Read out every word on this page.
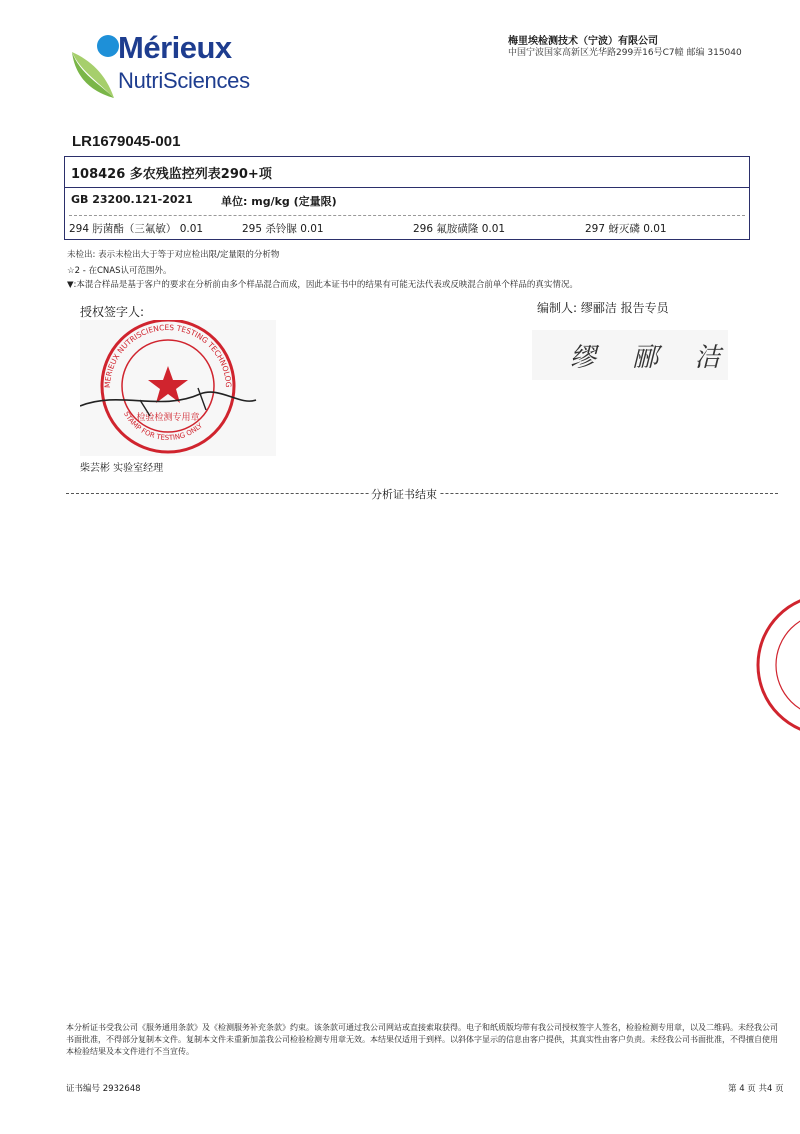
Mérieux
NutriSciences
梅里埃检测技术（宁波）有限公司
中国宁波国家高新区光华路299弄16号C7幢 邮编 315040
LR1679045-001
108426 多农残监控列表290+项
GB 23200.121-2021	单位: mg/kg (定量限)
294 肟菌酯（三氟敏） 0.01	295 杀铃脲 0.01	296 氟胺磺隆 0.01	297 蚜灭磷 0.01
未检出: 表示未检出大于等于对应检出限/定量限的分析物
☆2 - 在CNAS认可范围外。
▼:本混合样品是基于客户的要求在分析前由多个样品混合而成，因此本证书中的结果有可能无法代表或反映混合前单个样品的真实情况。
授权签字人:	编制人: 缪郦洁 报告专员
缪 郦 洁
MERIEUX NUTRISCIENCES TESTING TECHNOLOG
检验检测专用章
STAMP FOR TESTING ONLY
柴芸彬 实验室经理
分析证书结束
本分析证书受我公司《服务通用条款》及《检测服务补充条款》约束。该条款可通过我公司网站或直接索取获得。电子和纸质版均带有我公司授权签字人签名，检验检测专用章，以及二维码。未经我公司书面批准，不得部分复制本文件。复制本文件未重新加盖我公司检验检测专用章无效。本结果仅适用于到样。以斜体字显示的信息由客户提供，其真实性由客户负责。未经我公司书面批准，不得擅自使用本检验结果及本文件进行不当宣传。
证书编号 2932648	第 4 页 共4 页
